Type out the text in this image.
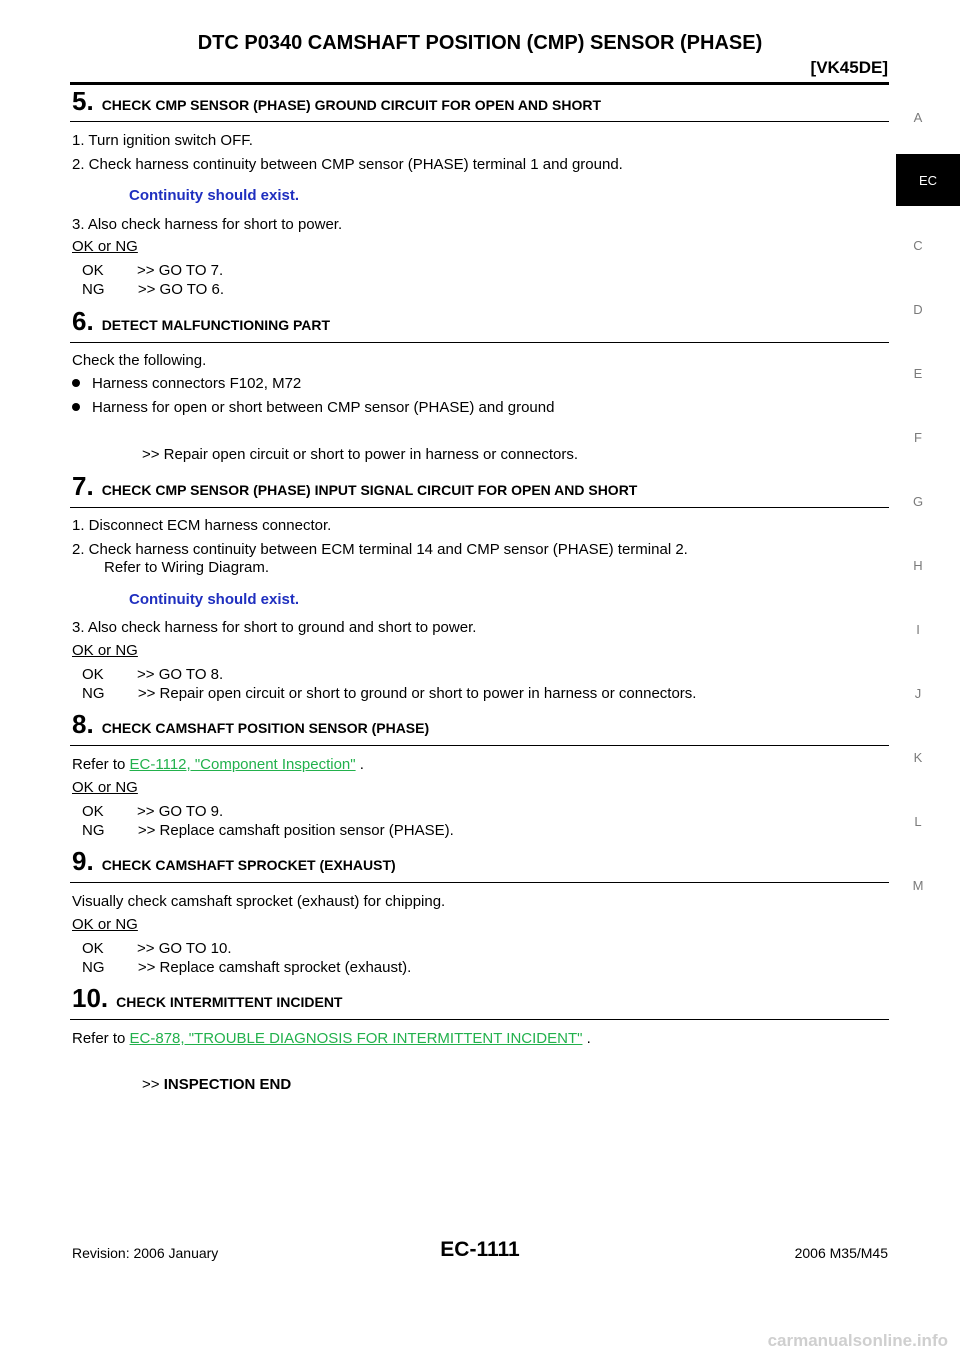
DTC P0340 CAMSHAFT POSITION (CMP) SENSOR (PHASE)
[VK45DE]
A
EC
C
D
E
F
G
H
I
J
K
L
M
5. CHECK CMP SENSOR (PHASE) GROUND CIRCUIT FOR OPEN AND SHORT
1. Turn ignition switch OFF.
2. Check harness continuity between CMP sensor (PHASE) terminal 1 and ground.
Continuity should exist.
3. Also check harness for short to power.
OK or NG
OK        >> GO TO 7.
NG        >> GO TO 6.
6. DETECT MALFUNCTIONING PART
Check the following.
Harness connectors F102, M72
Harness for open or short between CMP sensor (PHASE) and ground
>> Repair open circuit or short to power in harness or connectors.
7. CHECK CMP SENSOR (PHASE) INPUT SIGNAL CIRCUIT FOR OPEN AND SHORT
1. Disconnect ECM harness connector.
2. Check harness continuity between ECM terminal 14 and CMP sensor (PHASE) terminal 2.
Refer to Wiring Diagram.
Continuity should exist.
3. Also check harness for short to ground and short to power.
OK or NG
OK        >> GO TO 8.
NG        >> Repair open circuit or short to ground or short to power in harness or connectors.
8. CHECK CAMSHAFT POSITION SENSOR (PHASE)
Refer to EC-1112, "Component Inspection" .
OK or NG
OK        >> GO TO 9.
NG        >> Replace camshaft position sensor (PHASE).
9. CHECK CAMSHAFT SPROCKET (EXHAUST)
Visually check camshaft sprocket (exhaust) for chipping.
OK or NG
OK        >> GO TO 10.
NG        >> Replace camshaft sprocket (exhaust).
10. CHECK INTERMITTENT INCIDENT
Refer to EC-878, "TROUBLE DIAGNOSIS FOR INTERMITTENT INCIDENT" .
>> INSPECTION END
Revision: 2006 January	EC-1111	2006 M35/M45
carmanualsonline.info
